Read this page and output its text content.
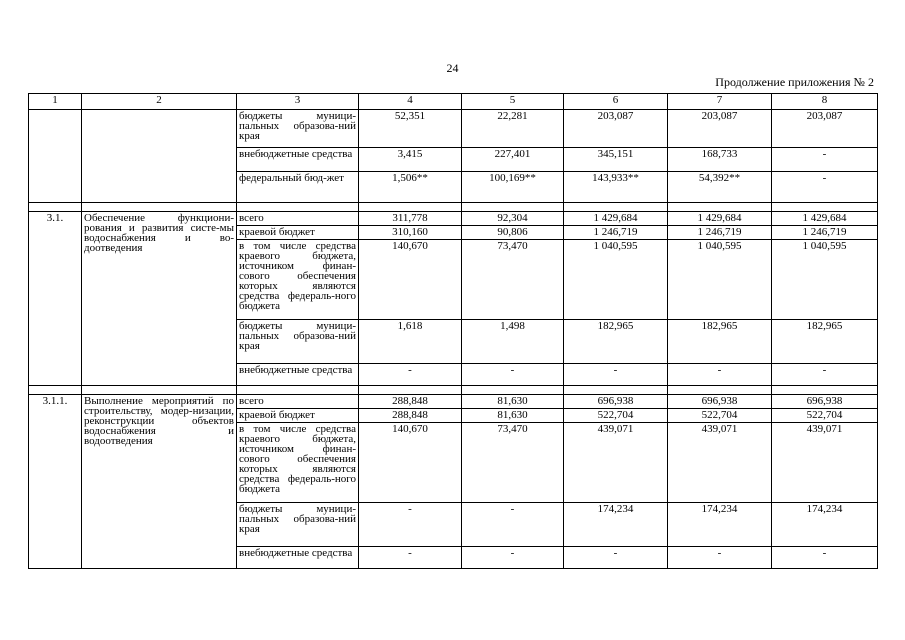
24
Продолжение приложения № 2
1	2	3	4	5	6	7	8
		бюджеты муници-пальных образова-ний края	52,351	22,281	203,087	203,087	203,087
		внебюджетные средства	3,415	227,401	345,151	168,733	-
		федеральный бюд-жет	1,506**	100,169**	143,933**	54,392**	-

3.1.	Обеспечение функциони-рования и развития систе-мы водоснабжения и во-доотведения	всего	311,778	92,304	1 429,684	1 429,684	1 429,684
		краевой бюджет	310,160	90,806	1 246,719	1 246,719	1 246,719
		в том числе средства краевого бюджета, источником финан-сового обеспечения которых являются средства федераль-ного бюджета	140,670	73,470	1 040,595	1 040,595	1 040,595
		бюджеты муници-пальных образова-ний края	1,618	1,498	182,965	182,965	182,965
		внебюджетные средства	-	-	-	-	-

3.1.1.	Выполнение мероприятий по строительству, модер-низации, реконструкции объектов водоснабжения и водоотведения	всего	288,848	81,630	696,938	696,938	696,938
		краевой бюджет	288,848	81,630	522,704	522,704	522,704
		в том числе средства краевого бюджета, источником финан-сового обеспечения которых являются средства федераль-ного бюджета	140,670	73,470	439,071	439,071	439,071
		бюджеты муници-пальных образова-ний края	-	-	174,234	174,234	174,234
		внебюджетные средства	-	-	-	-	-
